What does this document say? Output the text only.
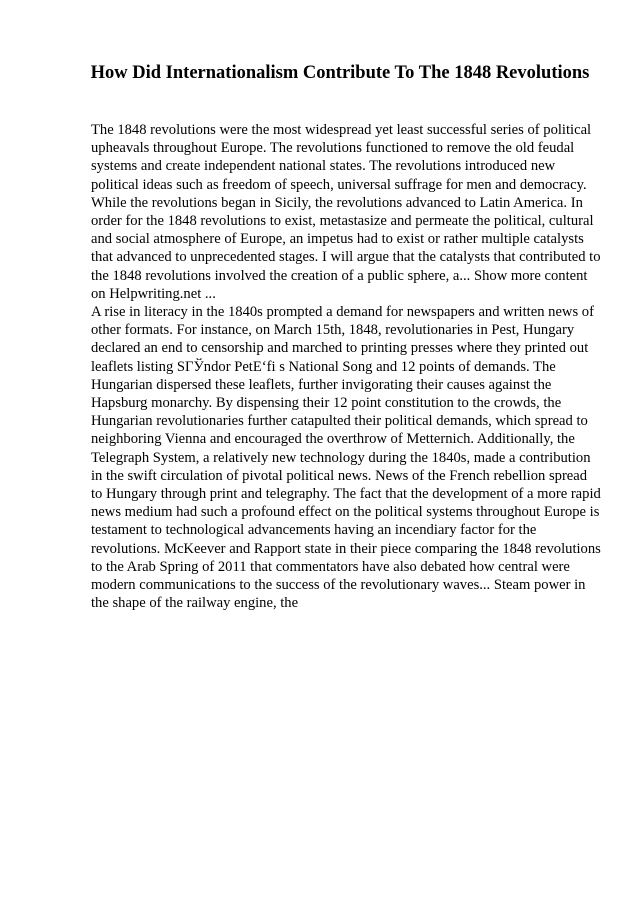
How Did Internationalism Contribute To The 1848 Revolutions

The 1848 revolutions were the most widespread yet least successful series of political upheavals throughout Europe. The revolutions functioned to remove the old feudal systems and create independent national states. The revolutions introduced new political ideas such as freedom of speech, universal suffrage for men and democracy. While the revolutions began in Sicily, the revolutions advanced to Latin America. In order for the 1848 revolutions to exist, metastasize and permeate the political, cultural and social atmosphere of Europe, an impetus had to exist or rather multiple catalysts that advanced to unprecedented stages. I will argue that the catalysts that contributed to the 1848 revolutions involved the creation of a public sphere, a... Show more content on Helpwriting.net ...

A rise in literacy in the 1840s prompted a demand for newspapers and written news of other formats. For instance, on March 15th, 1848, revolutionaries in Pest, Hungary declared an end to censorship and marched to printing presses where they printed out leaflets listing SГЎndor PetЕ‘fi s National Song and 12 points of demands. The Hungarian dispersed these leaflets, further invigorating their causes against the Hapsburg monarchy. By dispensing their 12 point constitution to the crowds, the Hungarian revolutionaries further catapulted their political demands, which spread to neighboring Vienna and encouraged the overthrow of Metternich. Additionally, the Telegraph System, a relatively new technology during the 1840s, made a contribution in the swift circulation of pivotal political news. News of the French rebellion spread to Hungary through print and telegraphy. The fact that the development of a more rapid news medium had such a profound effect on the political systems throughout Europe is testament to technological advancements having an incendiary factor for the revolutions. McKeever and Rapport state in their piece comparing the 1848 revolutions to the Arab Spring of 2011 that commentators have also debated how central were modern communications to the success of the revolutionary waves... Steam power in the shape of the railway engine, the
